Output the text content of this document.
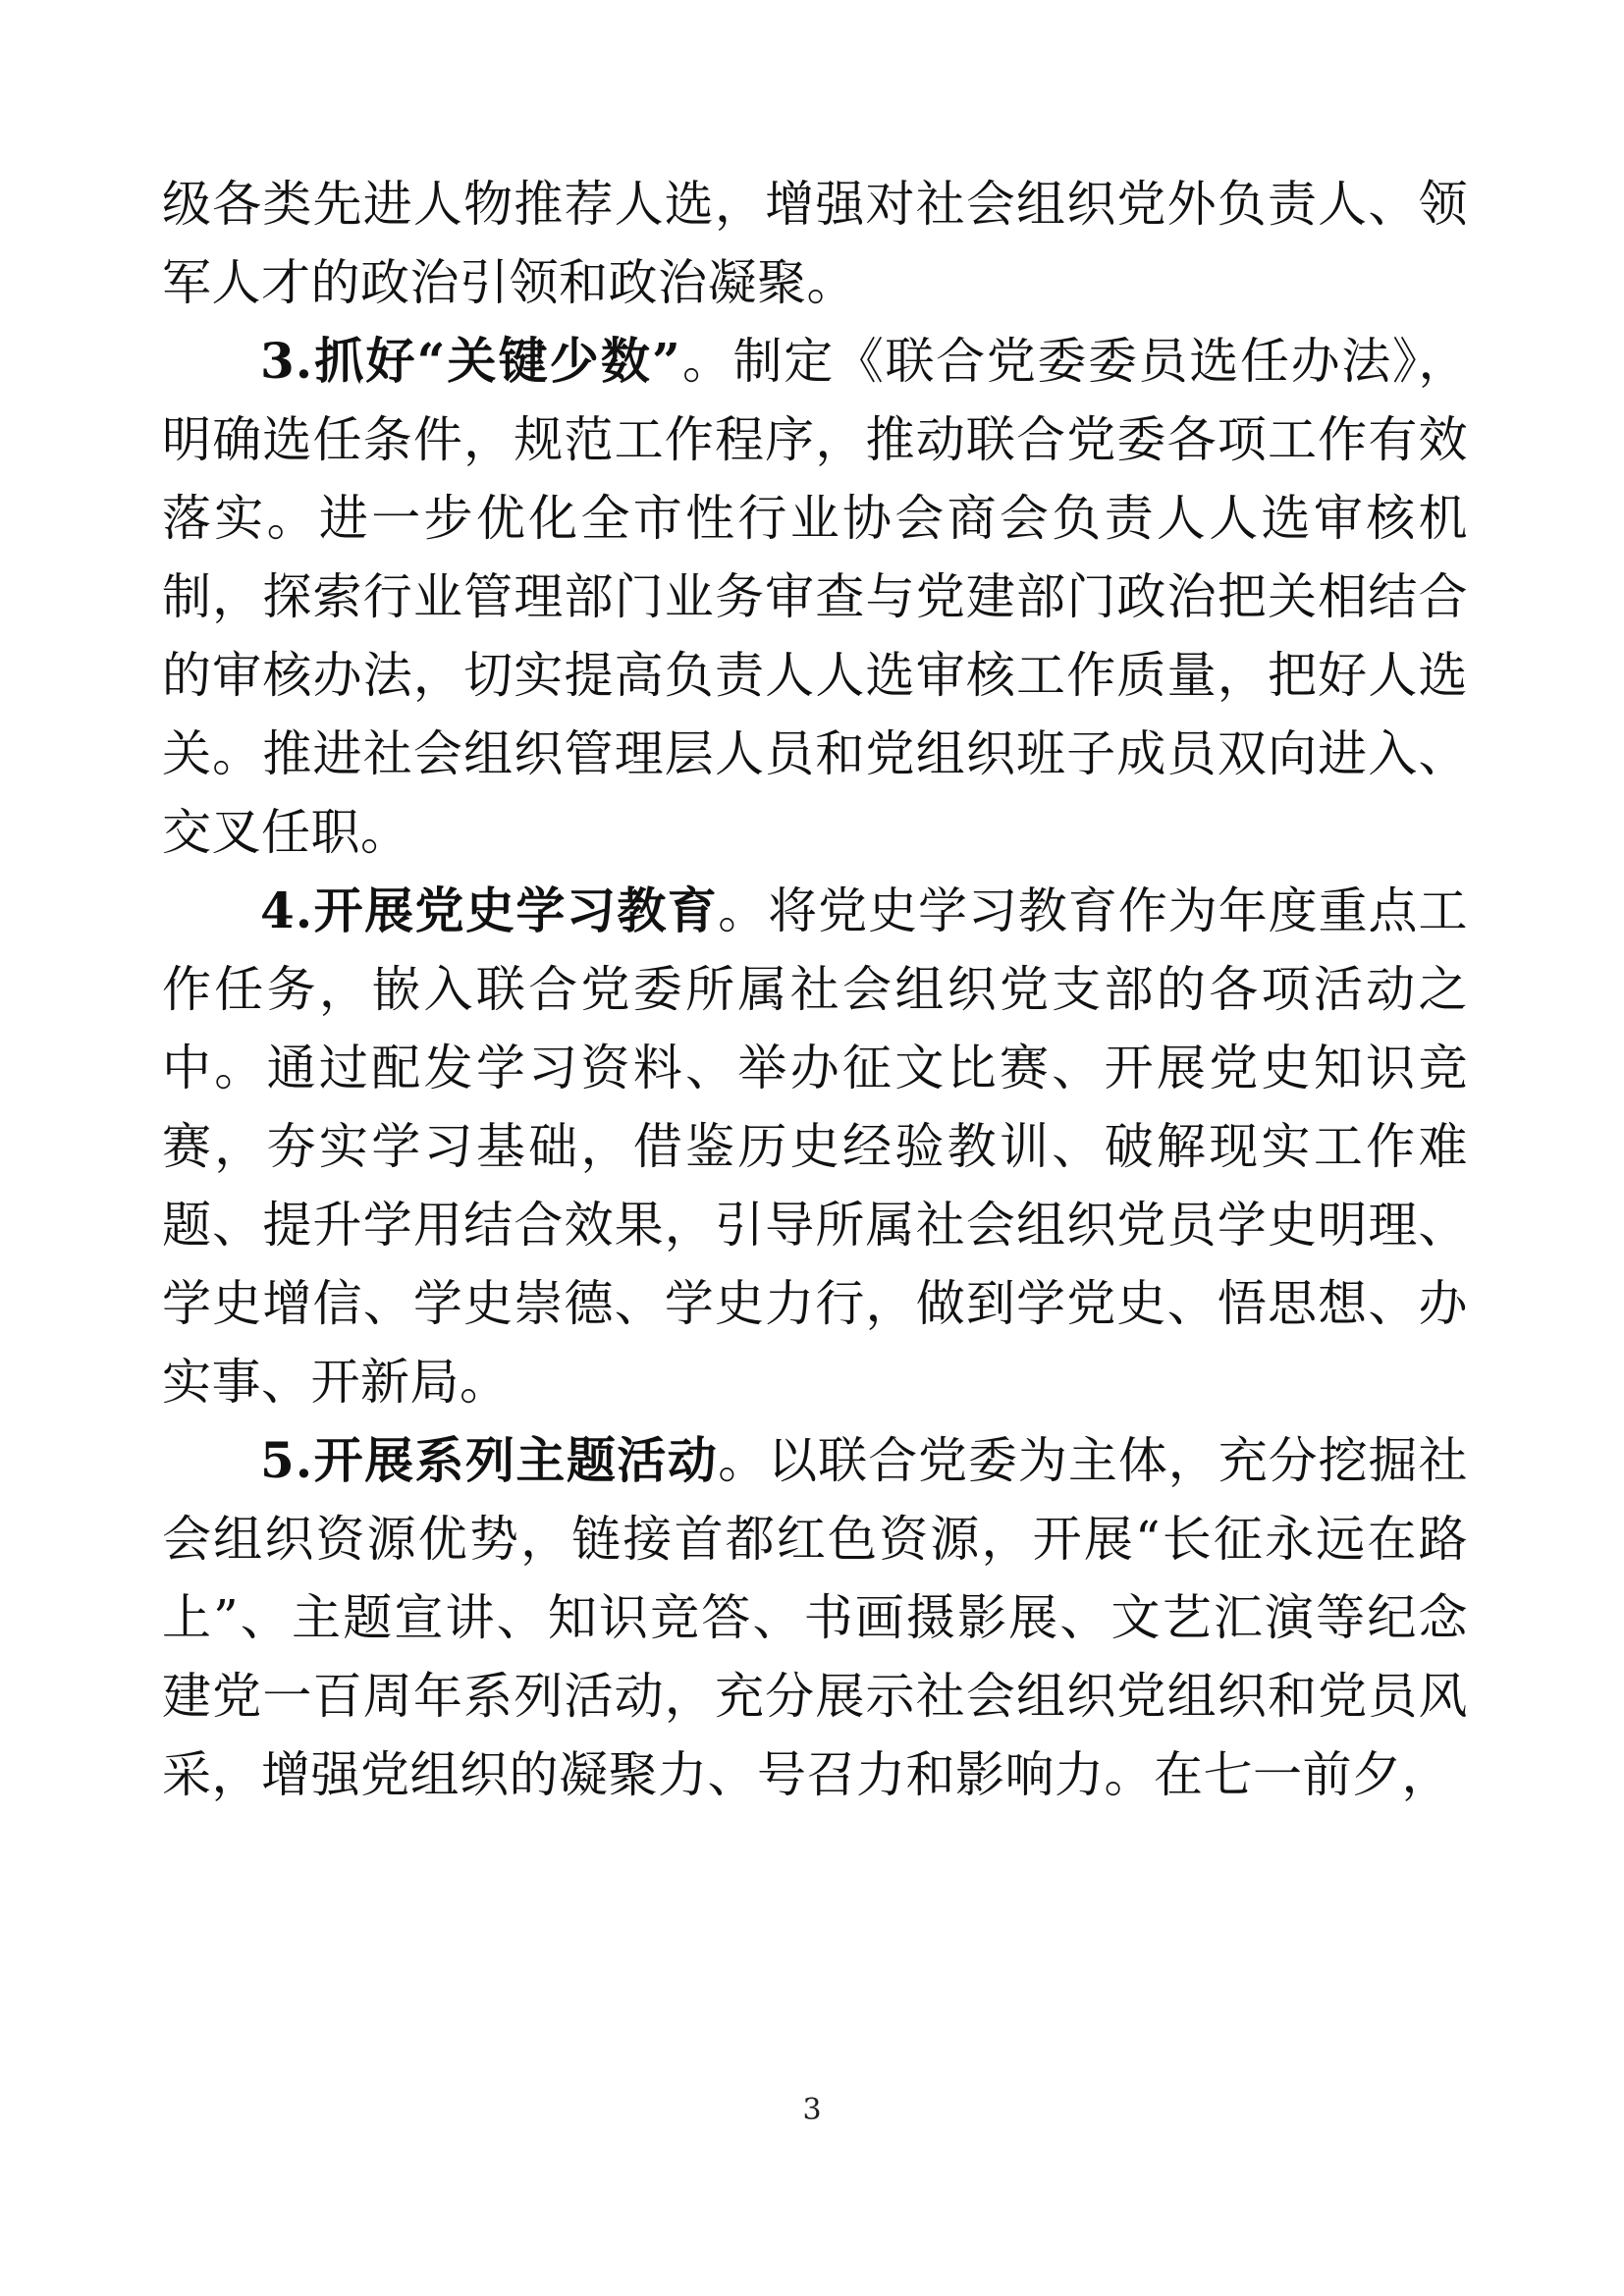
级各类先进人物推荐人选，增强对社会组织党外负责人、领军人才的政治引领和政治凝聚。

3.抓好“关键少数”。制定《联合党委委员选任办法》，明确选任条件，规范工作程序，推动联合党委各项工作有效落实。进一步优化全市性行业协会商会负责人人选审核机制，探索行业管理部门业务审查与党建部门政治把关相结合的审核办法，切实提高负责人人选审核工作质量，把好人选关。推进社会组织管理层人员和党组织班子成员双向进入、交叉任职。

4.开展党史学习教育。将党史学习教育作为年度重点工作任务，嵌入联合党委所属社会组织党支部的各项活动之中。通过配发学习资料、举办征文比赛、开展党史知识竞赛，夯实学习基础，借鉴历史经验教训、破解现实工作难题、提升学用结合效果，引导所属社会组织党员学史明理、学史增信、学史崇德、学史力行，做到学党史、悟思想、办实事、开新局。

5.开展系列主题活动。以联合党委为主体，充分挖掘社会组织资源优势，链接首都红色资源，开展“长征永远在路上”、主题宣讲、知识竞答、书画摄影展、文艺汇演等纪念建党一百周年系列活动，充分展示社会组织党组织和党员风采，增强党组织的凝聚力、号召力和影响力。在七一前夕，

3
